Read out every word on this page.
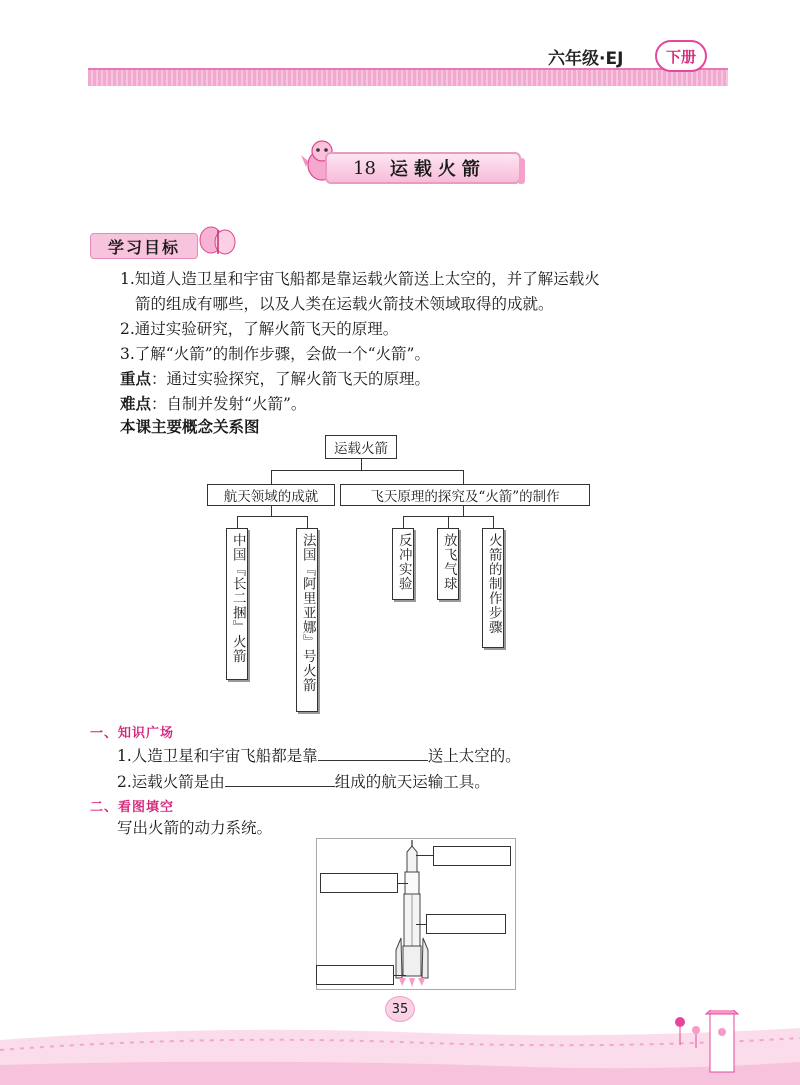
六年级·EJ	下册
18 运载火箭
学习目标
1.知道人造卫星和宇宙飞船都是靠运载火箭送上太空的，并了解运载火
箭的组成有哪些，以及人类在运载火箭技术领域取得的成就。
2.通过实验研究，了解火箭飞天的原理。
3.了解“火箭”的制作步骤，会做一个“火箭”。
重点：通过实验探究，了解火箭飞天的原理。
难点：自制并发射“火箭”。
本课主要概念关系图
运载火箭
航天领域的成就	飞天原理的探究及“火箭”的制作
中国『长二捆』火箭	法国『阿里亚娜』号火箭	反冲实验 放飞气球 火箭的制作步骤
一、知识广场
1.人造卫星和宇宙飞船都是靠	送上太空的。
2.运载火箭是由	组成的航天运输工具。
二、看图填空
写出火箭的动力系统。
35
